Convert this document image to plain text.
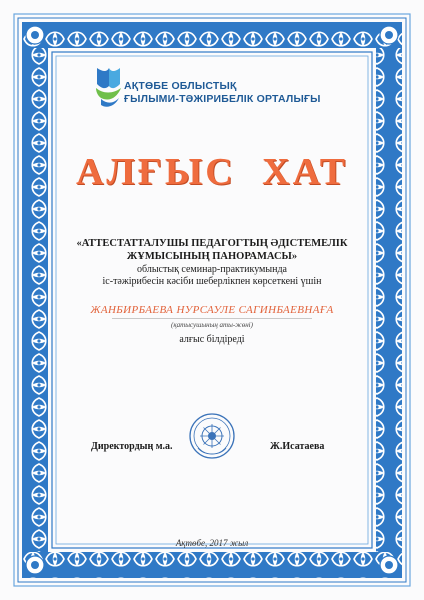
АҚТӨБЕ ОБЛЫСТЫҚ
ҒЫЛЫМИ-ТӘЖІРИБЕЛІК ОРТАЛЫҒЫ
АЛҒЫС ХАТ
«АТТЕСТАТТАЛУШЫ ПЕДАГОГТЫҢ ӘДІСТЕМЕЛІК
ЖҰМЫСЫНЫҢ ПАНОРАМАСЫ»
облыстық семинар-практикумында
іс-тәжірибесін кәсіби шеберлікпен көрсеткені үшін
ЖАНБИРБАЕВА НУРСАУЛЕ САГИНБАЕВНАҒА
(қатысушының аты-жөні)
алғыс білдіреді
Директордың м.а.	Ж.Исатаева
Ақтөбе, 2017 жыл
